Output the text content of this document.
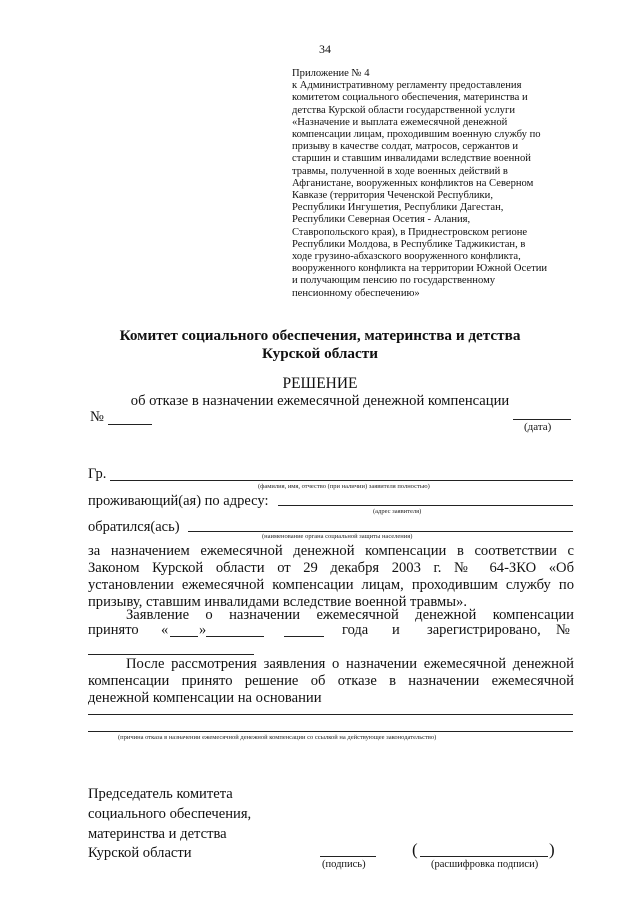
34
Приложение № 4
к Административному регламенту предоставления
комитетом социального обеспечения, материнства и
детства Курской области государственной услуги
«Назначение и выплата ежемесячной денежной
компенсации лицам, проходившим военную службу по
призыву в качестве солдат, матросов, сержантов и
старшин и ставшим инвалидами вследствие военной
травмы, полученной в ходе военных действий в
Афганистане, вооруженных конфликтов на Северном
Кавказе (территория Чеченской Республики,
Республики Ингушетия, Республики Дагестан,
Республики Северная Осетия - Алания,
Ставропольского края), в Приднестровском регионе
Республики Молдова, в Республике Таджикистан, в
ходе грузино-абхазского вооруженного конфликта,
вооруженного конфликта на территории Южной Осетии
и получающим пенсию по государственному
пенсионному обеспечению»
Комитет социального обеспечения, материнства и детства
Курской области
РЕШЕНИЕ
об отказе в назначении ежемесячной денежной компенсации
№
(дата)
Гр.
(фамилия, имя, отчество (при наличии) заявителя полностью)
проживающий(ая) по адресу:
(адрес заявителя)
обратился(ась)
(наименование органа социальной защиты населения)
за назначением ежемесячной денежной компенсации в соответствии с
Законом Курской области от 29 декабря 2003 г. № 64-ЗКО «Об
установлении ежемесячной компенсации лицам, проходившим службу по
призыву, ставшим инвалидами вследствие военной травмы».
Заявление о назначении ежемесячной денежной компенсации
принято « »	года и зарегистрировано, №
После рассмотрения заявления о назначении ежемесячной денежной
компенсации принято решение об отказе в назначении ежемесячной
денежной компенсации на основании
(причина отказа в назначении ежемесячной денежной компенсации со ссылкой на действующее законодательство)
Председатель комитета
социального обеспечения,
материнства и детства
Курской области
(подпись)
(	)
(расшифровка подписи)
